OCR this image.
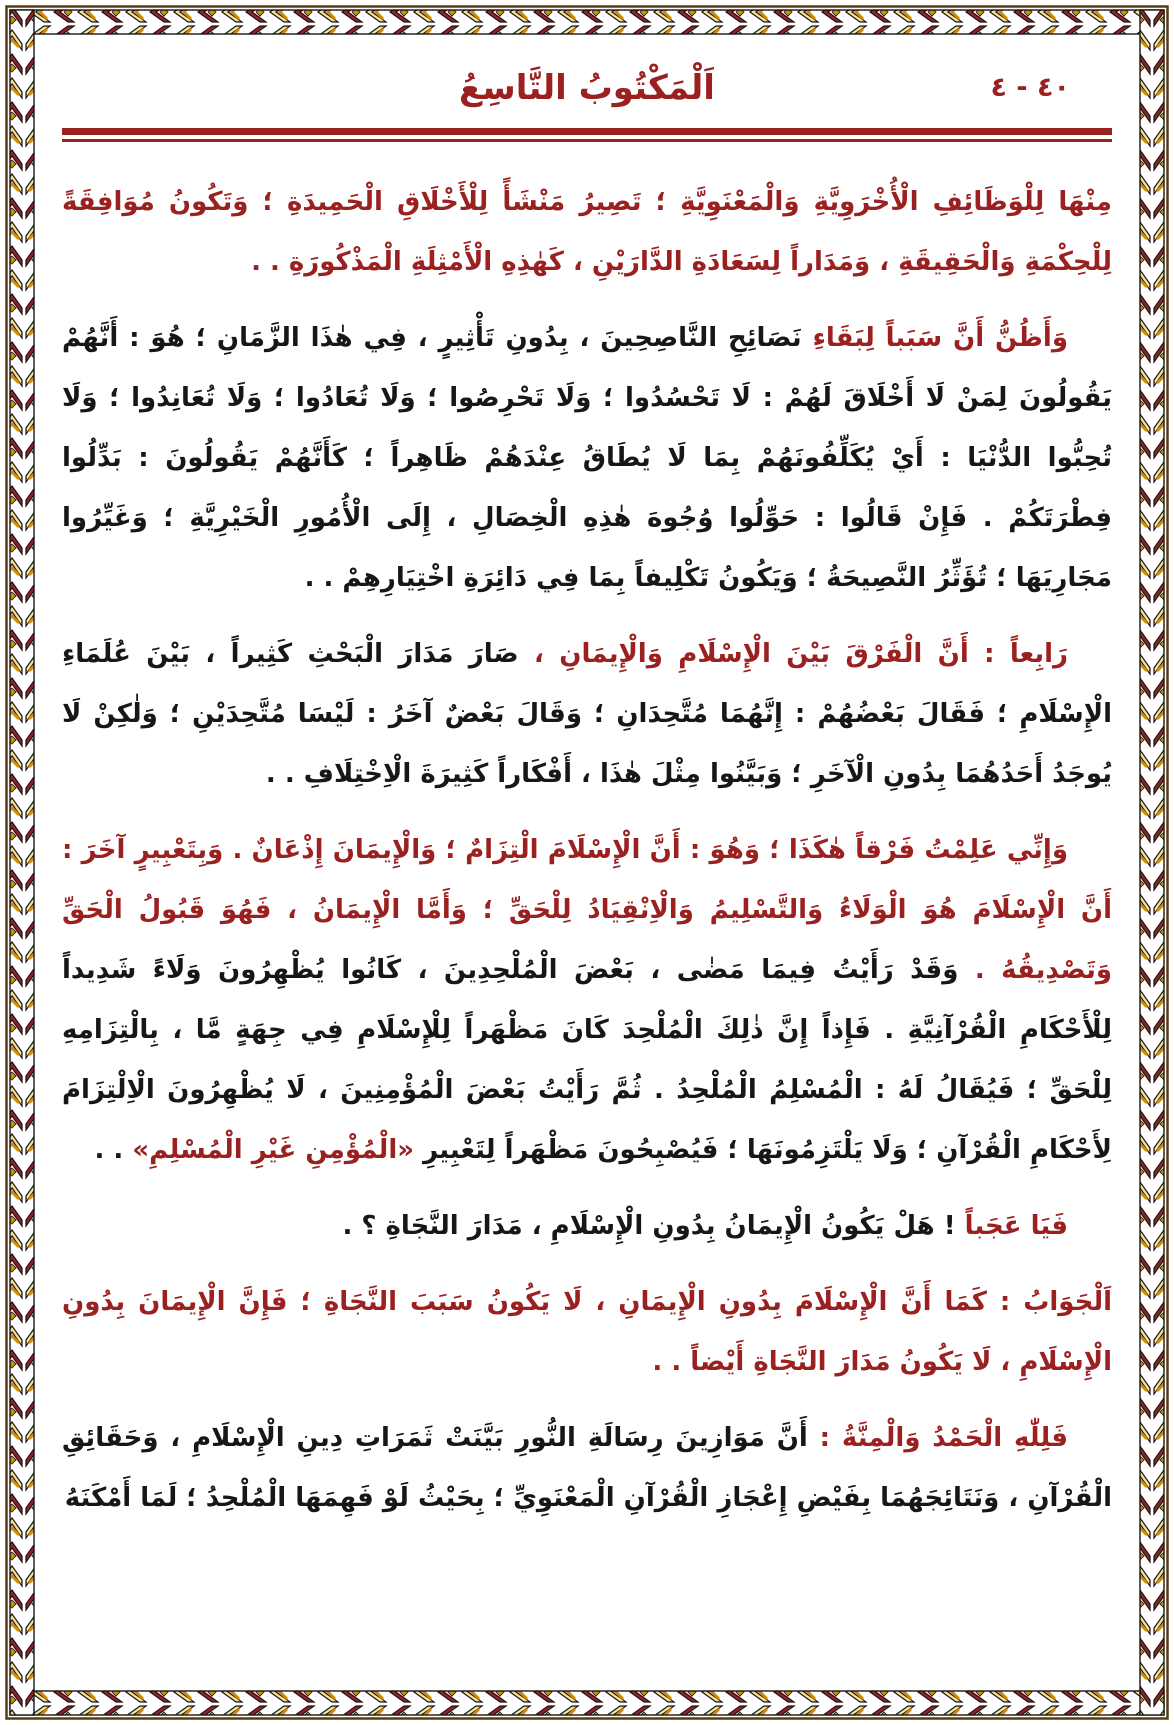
اَلْمَكْتُوبُ التَّاسِعُ	٤٠ - ٤

مِنْهَا لِلْوَظَائِفِ الْأُخْرَوِيَّةِ وَالْمَعْنَوِيَّةِ ؛ تَصِيرُ مَنْشَأً لِلْأَخْلَاقِ الْحَمِيدَةِ ؛ وَتَكُونُ مُوَافِقَةً لِلْحِكْمَةِ وَالْحَقِيقَةِ ، وَمَدَاراً لِسَعَادَةِ الدَّارَيْنِ ، كَهٰذِهِ الْأَمْثِلَةِ الْمَذْكُورَةِ . .

وَأَظُنُّ أَنَّ سَبَباً لِبَقَاءِ نَصَائِحِ النَّاصِحِينَ ، بِدُونِ تَأْثِيرٍ ، فِي هٰذَا الزَّمَانِ ؛ هُوَ : أَنَّهُمْ يَقُولُونَ لِمَنْ لَا أَخْلَاقَ لَهُمْ : لَا تَحْسُدُوا ؛ وَلَا تَحْرِصُوا ؛ وَلَا تُعَادُوا ؛ وَلَا تُعَانِدُوا ؛ وَلَا تُحِبُّوا الدُّنْيَا : أَيْ يُكَلِّفُونَهُمْ بِمَا لَا يُطَاقُ عِنْدَهُمْ ظَاهِراً ؛ كَأَنَّهُمْ يَقُولُونَ : بَدِّلُوا فِطْرَتَكُمْ . فَإِنْ قَالُوا : حَوِّلُوا وُجُوهَ هٰذِهِ الْخِصَالِ ، إِلَى الْأُمُورِ الْخَيْرِيَّةِ ؛ وَغَيِّرُوا مَجَارِيَهَا ؛ تُؤَثِّرُ النَّصِيحَةُ ؛ وَيَكُونُ تَكْلِيفاً بِمَا فِي دَائِرَةِ اخْتِيَارِهِمْ . .

رَابِعاً : أَنَّ الْفَرْقَ بَيْنَ الْإِسْلَامِ وَالْإِيمَانِ ، صَارَ مَدَارَ الْبَحْثِ كَثِيراً ، بَيْنَ عُلَمَاءِ الْإِسْلَامِ ؛ فَقَالَ بَعْضُهُمْ : إِنَّهُمَا مُتَّحِدَانِ ؛ وَقَالَ بَعْضٌ آخَرُ : لَيْسَا مُتَّحِدَيْنِ ؛ وَلٰكِنْ لَا يُوجَدُ أَحَدُهُمَا بِدُونِ الْآخَرِ ؛ وَبَيَّنُوا مِثْلَ هٰذَا ، أَفْكَاراً كَثِيرَةَ الْاِخْتِلَافِ . .

وَإِنِّي عَلِمْتُ فَرْقاً هٰكَذَا ؛ وَهُوَ : أَنَّ الْإِسْلَامَ الْتِزَامٌ ؛ وَالْإِيمَانَ إِذْعَانٌ . وَبِتَعْبِيرٍ آخَرَ : أَنَّ الْإِسْلَامَ هُوَ الْوَلَاءُ وَالتَّسْلِيمُ وَالْاِنْقِيَادُ لِلْحَقِّ ؛ وَأَمَّا الْإِيمَانُ ، فَهُوَ قَبُولُ الْحَقِّ وَتَصْدِيقُهُ . وَقَدْ رَأَيْتُ فِيمَا مَضٰى ، بَعْضَ الْمُلْحِدِينَ ، كَانُوا يُظْهِرُونَ وَلَاءً شَدِيداً لِلْأَحْكَامِ الْقُرْآنِيَّةِ . فَإِذاً إِنَّ ذٰلِكَ الْمُلْحِدَ كَانَ مَظْهَراً لِلْإِسْلَامِ فِي جِهَةٍ مَّا ، بِالْتِزَامِهِ لِلْحَقِّ ؛ فَيُقَالُ لَهُ : الْمُسْلِمُ الْمُلْحِدُ . ثُمَّ رَأَيْتُ بَعْضَ الْمُؤْمِنِينَ ، لَا يُظْهِرُونَ الْاِلْتِزَامَ لِأَحْكَامِ الْقُرْآنِ ؛ وَلَا يَلْتَزِمُونَهَا ؛ فَيُصْبِحُونَ مَظْهَراً لِتَعْبِيرِ «الْمُؤْمِنِ غَيْرِ الْمُسْلِمِ» . .

فَيَا عَجَباً ! هَلْ يَكُونُ الْإِيمَانُ بِدُونِ الْإِسْلَامِ ، مَدَارَ النَّجَاةِ ؟ .

اَلْجَوَابُ : كَمَا أَنَّ الْإِسْلَامَ بِدُونِ الْإِيمَانِ ، لَا يَكُونُ سَبَبَ النَّجَاةِ ؛ فَإِنَّ الْإِيمَانَ بِدُونِ الْإِسْلَامِ ، لَا يَكُونُ مَدَارَ النَّجَاةِ أَيْضاً . .

فَلِلّٰهِ الْحَمْدُ وَالْمِنَّةُ : أَنَّ مَوَازِينَ رِسَالَةِ النُّورِ بَيَّنَتْ ثَمَرَاتِ دِينِ الْإِسْلَامِ ، وَحَقَائِقِ الْقُرْآنِ ، وَنَتَائِجَهُمَا بِفَيْضِ إِعْجَازِ الْقُرْآنِ الْمَعْنَوِيِّ ؛ بِحَيْثُ لَوْ فَهِمَهَا الْمُلْحِدُ ؛ لَمَا أَمْكَنَهُ
